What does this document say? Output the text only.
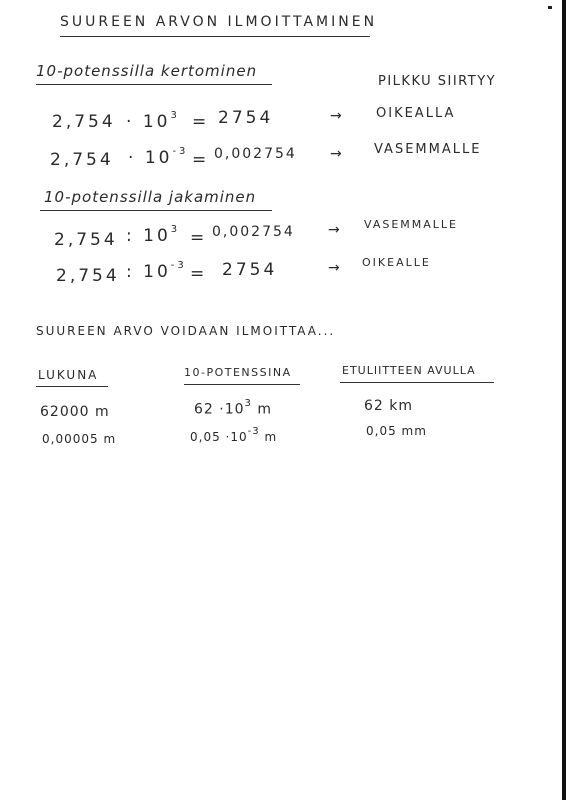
SUUREEN ARVON ILMOITTAMINEN
10-potenssilla kertominen
PILKKU SIIRTYY
$2,754 \cdot 10^3 = 2754$	→	OIKEALLA
$2,754 \cdot 10^{-3} = 0,002754$ → VASEMMALLE
10-potenssilla jakaminen
2,754 : $10^3 = 0,002754$ → VASEMMALLE
2,754 : $10^{-3} = 2754$	→ OIKEALLE
SUUREEN ARVO VOIDAAN ILMOITTAA...
LUKUNA	10-POTENSSINA	ETULIITTEEN AVULLA
62000 m	$62 \cdot 10^3$ m	62 km
0,00005 m	$0,05 \cdot 10^{-3}$ m	0,05 mm
